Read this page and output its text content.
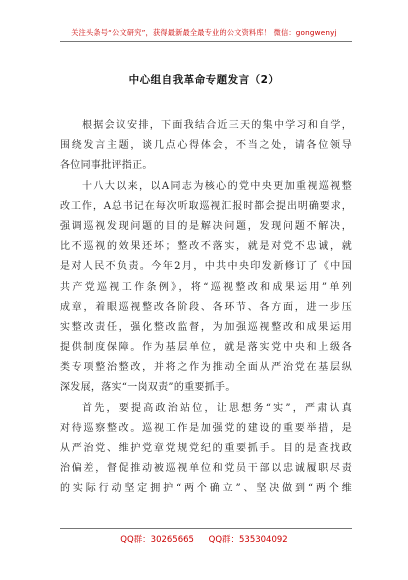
关注头条号“公文研究”，获得最新最全最专业的公文资料库！ 微信：gongwenyj
中心组自我革命专题发言（2）
根据会议安排，下面我结合近三天的集中学习和自学，
围绕发言主题，谈几点心得体会，不当之处，请各位领导
各位同事批评指正。
十八大以来，以A同志为核心的党中央更加重视巡视整
改工作，A总书记在每次听取巡视汇报时都会提出明确要求，
强调巡视发现问题的目的是解决问题，发现问题不解决，
比不巡视的效果还坏；整改不落实，就是对党不忠诚，就
是对人民不负责。今年2月，中共中央印发新修订了《中国
共产党巡视工作条例》，将“巡视整改和成果运用”单列
成章，着眼巡视整改各阶段、各环节、各方面，进一步压
实整改责任，强化整改监督，为加强巡视整改和成果运用
提供制度保障。作为基层单位，就是落实党中央和上级各
类专项整治整改，并将之作为推动全面从严治党在基层纵
深发展，落实“一岗双责”的重要抓手。
首先，要提高政治站位，让思想务“实”，严肃认真
对待巡察整改。巡视工作是加强党的建设的重要举措，是
从严治党、维护党章党规党纪的重要抓手。目的是查找政
治偏差，督促推动被巡视单位和党员干部以忠诚履职尽责
的实际行动坚定拥护“两个确立”、坚决做到“两个维
QQ群：30265665 QQ群：535304092
